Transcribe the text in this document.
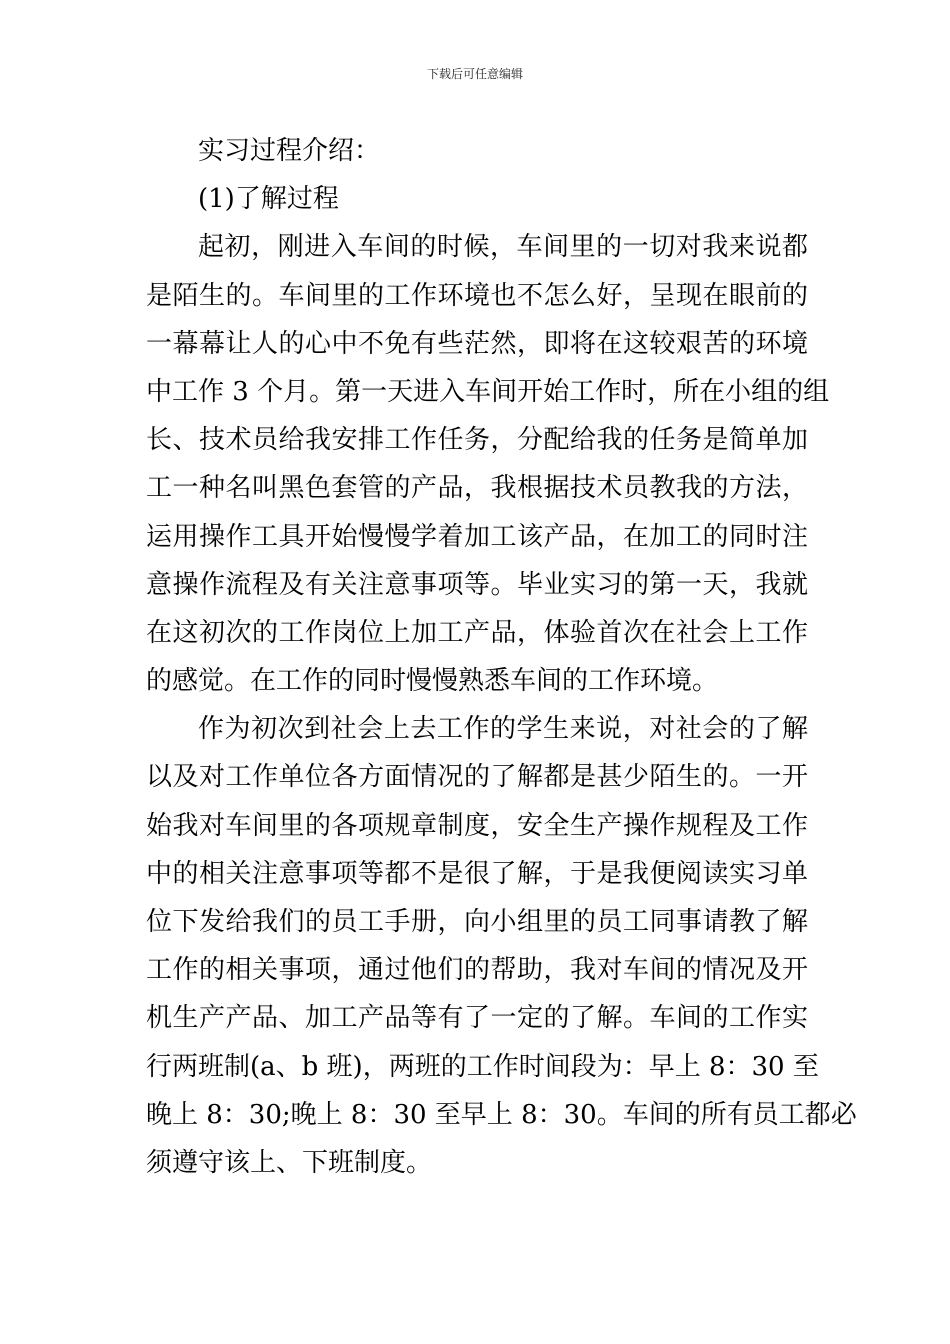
下载后可任意编辑
实习过程介绍：
(1)了解过程
起初，刚进入车间的时候，车间里的一切对我来说都
是陌生的。车间里的工作环境也不怎么好，呈现在眼前的
一幕幕让人的心中不免有些茫然，即将在这较艰苦的环境
中工作 3 个月。第一天进入车间开始工作时，所在小组的组
长、技术员给我安排工作任务，分配给我的任务是简单加
工一种名叫黑色套管的产品，我根据技术员教我的方法，
运用操作工具开始慢慢学着加工该产品，在加工的同时注
意操作流程及有关注意事项等。毕业实习的第一天，我就
在这初次的工作岗位上加工产品，体验首次在社会上工作
的感觉。在工作的同时慢慢熟悉车间的工作环境。
作为初次到社会上去工作的学生来说，对社会的了解
以及对工作单位各方面情况的了解都是甚少陌生的。一开
始我对车间里的各项规章制度，安全生产操作规程及工作
中的相关注意事项等都不是很了解，于是我便阅读实习单
位下发给我们的员工手册，向小组里的员工同事请教了解
工作的相关事项，通过他们的帮助，我对车间的情况及开
机生产产品、加工产品等有了一定的了解。车间的工作实
行两班制(a、b 班)，两班的工作时间段为：早上 8：30 至
晚上 8：30;晚上 8：30 至早上 8：30。车间的所有员工都必
须遵守该上、下班制度。
